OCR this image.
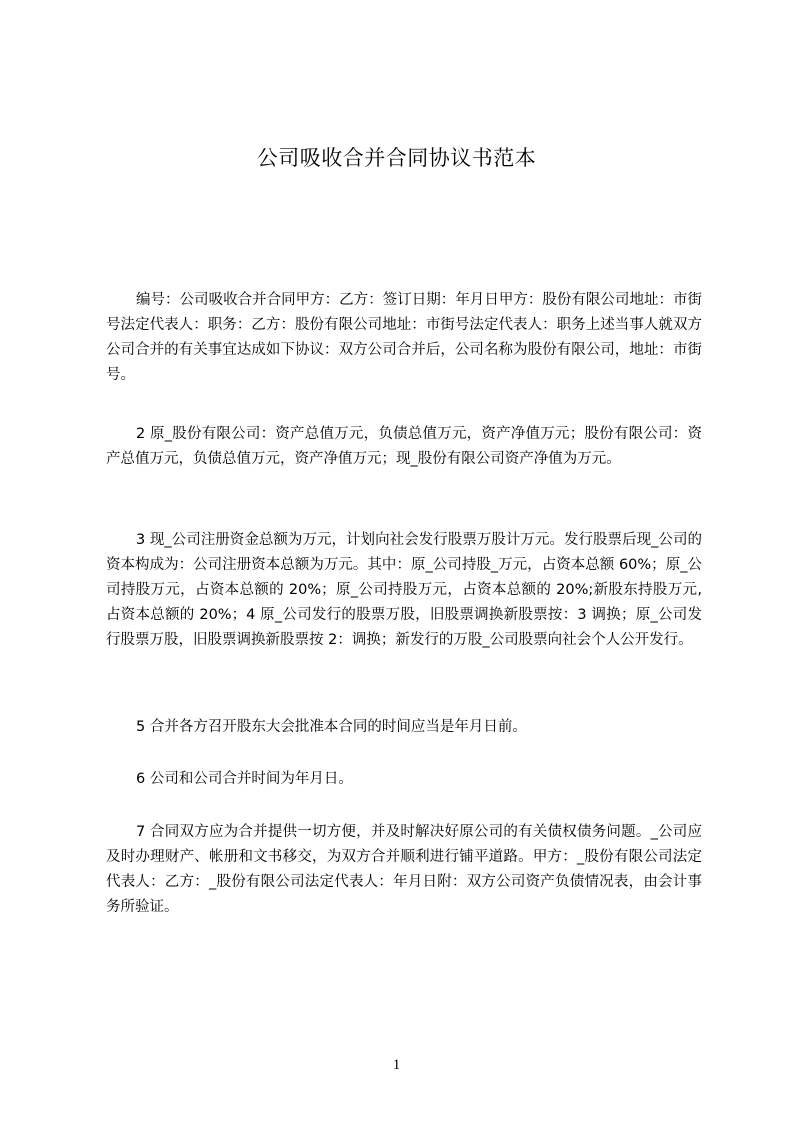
公司吸收合并合同协议书范本

编号：公司吸收合并合同甲方：乙方：签订日期：年月日甲方：股份有限公司地址：市街号法定代表人：职务：乙方：股份有限公司地址：市街号法定代表人：职务上述当事人就双方公司合并的有关事宜达成如下协议：双方公司合并后，公司名称为股份有限公司，地址：市街号。

2 原_股份有限公司：资产总值万元，负债总值万元，资产净值万元；股份有限公司：资产总值万元，负债总值万元，资产净值万元；现_股份有限公司资产净值为万元。

3 现_公司注册资金总额为万元，计划向社会发行股票万股计万元。发行股票后现_公司的资本构成为：公司注册资本总额为万元。其中：原_公司持股_万元，占资本总额 60%；原_公司持股万元，占资本总额的 20%；原_公司持股万元，占资本总额的 20%;新股东持股万元,占资本总额的 20%；4 原_公司发行的股票万股，旧股票调换新股票按：3 调换；原_公司发行股票万股，旧股票调换新股票按 2：调换；新发行的万股_公司股票向社会个人公开发行。

5 合并各方召开股东大会批准本合同的时间应当是年月日前。

6 公司和公司合并时间为年月日。

7 合同双方应为合并提供一切方便，并及时解决好原公司的有关债权债务问题。_公司应及时办理财产、帐册和文书移交，为双方合并顺利进行铺平道路。甲方：_股份有限公司法定代表人：乙方：_股份有限公司法定代表人：年月日附：双方公司资产负债情况表，由会计事务所验证。

1
